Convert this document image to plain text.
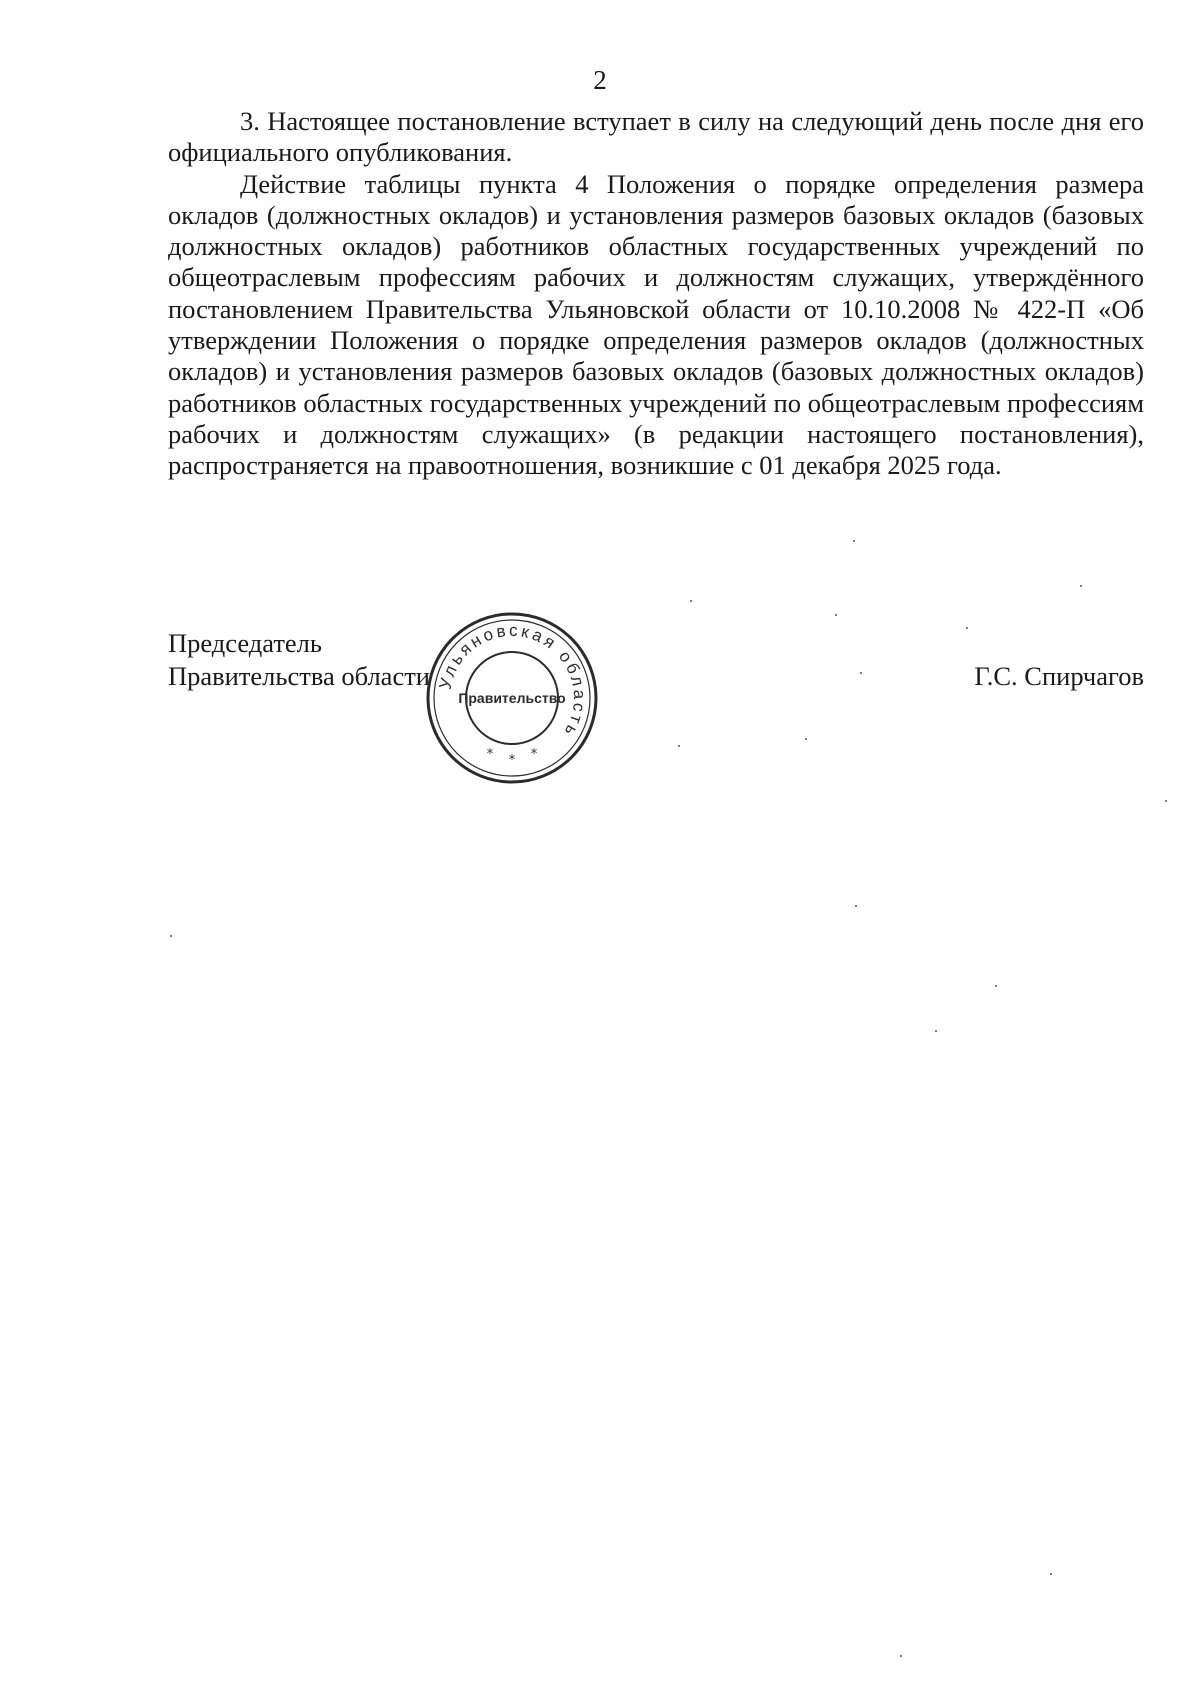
2

3. Настоящее постановление вступает в силу на следующий день после дня его официального опубликования.

Действие таблицы пункта 4 Положения о порядке определения размера окладов (должностных окладов) и установления размеров базовых окладов (базовых должностных окладов) работников областных государственных учреждений по общеотраслевым профессиям рабочих и должностям служащих, утверждённого постановлением Правительства Ульяновской области от 10.10.2008 № 422-П «Об утверждении Положения о порядке определения размеров окладов (должностных окладов) и установления размеров базовых окладов (базовых должностных окладов) работников областных государственных учреждений по общеотраслевым профессиям рабочих и должностям служащих» (в редакции настоящего постановления), распространяется на правоотношения, возникшие с 01 декабря 2025 года.

Председатель
Правительства области	Г.С. Спирчагов
Ульяновская область
Правительство
* * *
